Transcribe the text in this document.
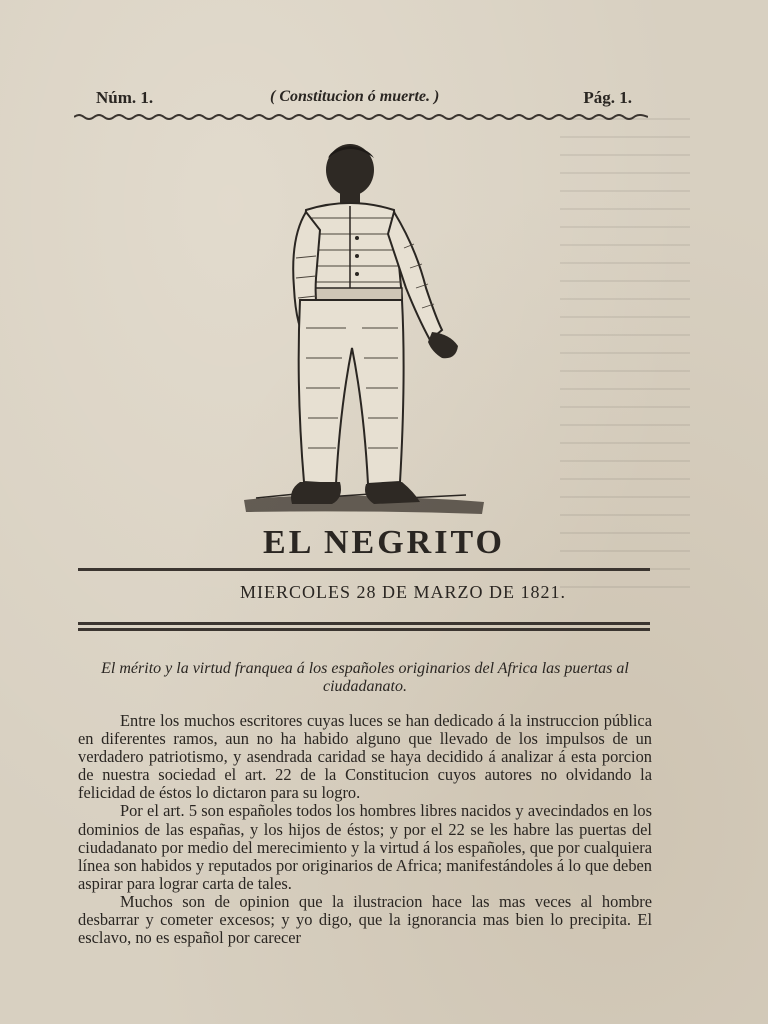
Núm. 1.	( Constitucion ó muerte. )	Pág. 1.
EL NEGRITO
MIERCOLES 28 DE MARZO DE 1821.
El mérito y la virtud franquea á los españoles originarios del Africa las puertas al ciudadanato.

Entre los muchos escritores cuyas luces se han dedicado á la instruccion pública en diferentes ramos, aun no ha habido alguno que llevado de los impulsos de un verdadero patriotismo, y asendrada caridad se haya decidido á analizar á esta porcion de nuestra sociedad el art. 22 de la Constitucion cuyos autores no olvidando la felicidad de éstos lo dictaron para su logro.

Por el art. 5 son españoles todos los hombres libres nacidos y avecindados en los dominios de las españas, y los hijos de éstos; y por el 22 se les habre las puertas del ciudadanato por medio del merecimiento y la virtud á los españoles, que por cualquiera línea son habidos y reputados por originarios de Africa; manifestándoles á lo que deben aspirar para lograr carta de tales.

Muchos son de opinion que la ilustracion hace las mas veces al hombre desbarrar y cometer excesos; y yo digo, que la ignorancia mas bien lo precipita. El esclavo, no es español por carecer
